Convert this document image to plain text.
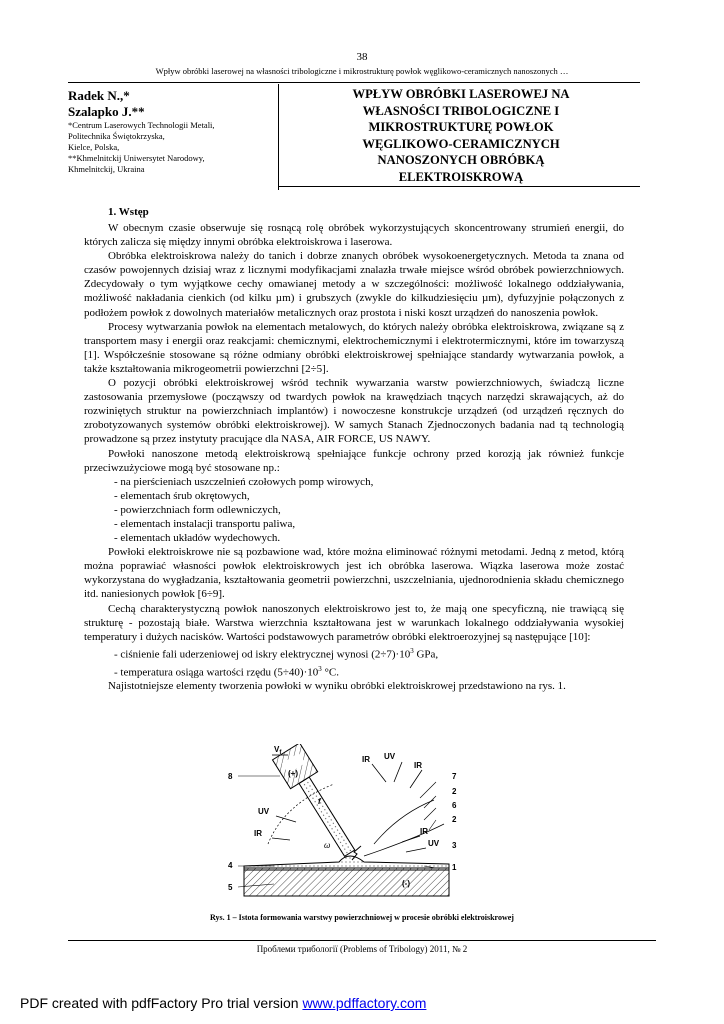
38
Wpływ obróbki laserowej na własności tribologiczne i mikrostrukturę powłok węglikowo-ceramicznych nanoszonych …
Radek N.,*
Szalapko J.**
*Centrum Laserowych Technologii Metali,
Politechnika Świętokrzyska,
Kielce, Polska,
**Khmelnitckij Uniwersytet Narodowy,
Khmelnitckij, Ukraina
WPŁYW OBRÓBKI LASEROWEJ NA
WŁASNOŚCI TRIBOLOGICZNE I
MIKROSTRUKTURĘ POWŁOK
WĘGLIKOWO-CERAMICZNYCH
NANOSZONYCH OBRÓBKĄ
ELEKTROISKROWĄ
1. Wstęp

W obecnym czasie obserwuje się rosnącą rolę obróbek wykorzystujących skoncentrowany strumień energii, do których zalicza się między innymi obróbka elektroiskrowa i laserowa.

Obróbka elektroiskrowa należy do tanich i dobrze znanych obróbek wysokoenergetycznych. Metoda ta znana od czasów powojennych dzisiaj wraz z licznymi modyfikacjami znalazła trwałe miejsce wśród obróbek powierzchniowych. Zdecydowały o tym wyjątkowe cechy omawianej metody a w szczególności: możliwość lokalnego oddziaływania, możliwość nakładania cienkich (od kilku µm) i grubszych (zwykle do kilkudziesięciu µm), dyfuzyjnie połączonych z podłożem powłok z dowolnych materiałów metalicznych oraz prostota i niski koszt urządzeń do nanoszenia powłok.

Procesy wytwarzania powłok na elementach metalowych, do których należy obróbka elektroiskrowa, związane są z transportem masy i energii oraz reakcjami: chemicznymi, elektrochemicznymi i elektrotermicznymi, które im towarzyszą [1]. Współcześnie stosowane są różne odmiany obróbki elektroiskrowej spełniające standardy wytwarzania powłok, a także kształtowania mikrogeometrii powierzchni [2÷5].

O pozycji obróbki elektroiskrowej wśród technik wywarzania warstw powierzchniowych, świadczą liczne zastosowania przemysłowe (począwszy od twardych powłok na krawędziach tnących narzędzi skrawających, aż do rozwiniętych struktur na powierzchniach implantów) i nowoczesne konstrukcje urządzeń (od urządzeń ręcznych do zrobotyzowanych systemów obróbki elektroiskrowej). W samych Stanach Zjednoczonych badania nad tą technologią prowadzone są przez instytuty pracujące dla NASA, AIR FORCE, US NAWY.

Powłoki nanoszone metodą elektroiskrową spełniające funkcje ochrony przed korozją jak również funkcje przeciwzużyciowe mogą być stosowane np.:

- na pierścieniach uszczelnień czołowych pomp wirowych,

- elementach śrub okrętowych,

- powierzchniach form odlewniczych,

- elementach instalacji transportu paliwa,

- elementach układów wydechowych.

Powłoki elektroiskrowe nie są pozbawione wad, które można eliminować różnymi metodami. Jedną z metod, którą można poprawiać własności powłok elektroiskrowych jest ich obróbka laserowa. Wiązka laserowa może zostać wykorzystana do wygładzania, kształtowania geometrii powierzchni, uszczelniania, ujednorodnienia składu chemicznego itd. naniesionych powłok [6÷9].

Cechą charakterystyczną powłok nanoszonych elektroiskrowo jest to, że mają one specyficzną, nie trawiącą się strukturę - pozostają białe. Warstwa wierzchnia kształtowana jest w warunkach lokalnego oddziaływania wysokiej temperatury i dużych nacisków. Wartości podstawowych parametrów obróbki elektroerozyjnej są następujące [10]:

- ciśnienie fali uderzeniowej od iskry elektrycznej wynosi $(2\div 7)\cdot 10^3$ GPa,

- temperatura osiąga wartości rzędu $(5\div 40)\cdot 10^3$ °C.

Najistotniejsze elementy tworzenia powłoki w wyniku obróbki elektroiskrowej przedstawiono na rys. 1.

$V_f$
(+)
(-)
f
ω
IR UV
IR
UV
IR	IR
UV
8
4
5
7
2
6
2
3
1
Rys. 1 – Istota formowania warstwy powierzchniowej w procesie obróbki elektroiskrowej
Проблеми трибології (Problems of Tribology) 2011, № 2
PDF created with pdfFactory Pro trial version www.pdffactory.com
